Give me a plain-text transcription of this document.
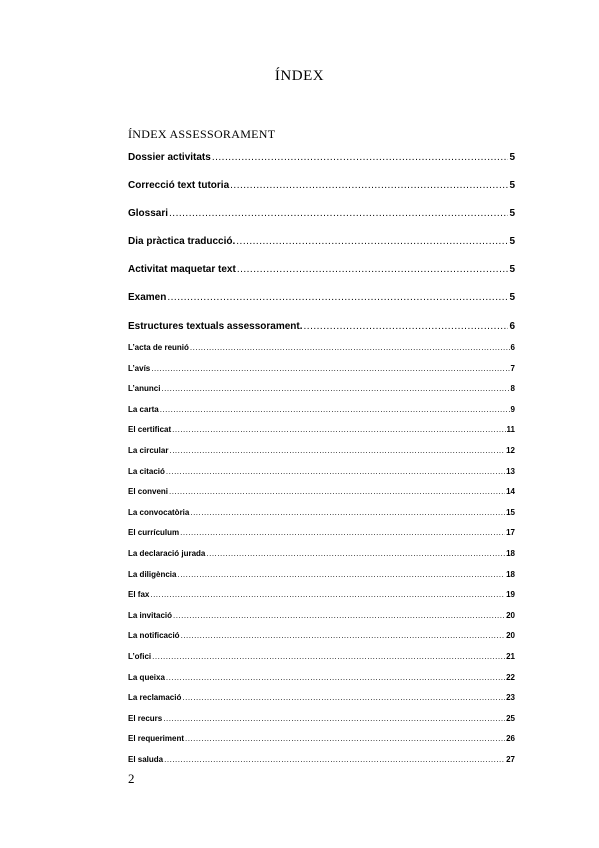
ÍNDEX
ÍNDEX ASSESSORAMENT
Dossier activitats .....	5
Correcció text tutoria .....	5
Glossari .....	5
Dia pràctica traducció. .....	5
Activitat maquetar text .....	5
Examen .....	5
Estructures textuals assessorament. .....	6
L’acta de reunió .....	6
L’avís .....	7
L’anunci .....	8
La carta .....	9
El certificat .....	11
La circular .....	12
La citació .....	13
El conveni .....	14
La convocatòria .....	15
El currículum .....	17
La declaració jurada .....	18
La diligència .....	18
El fax .....	19
La invitació .....	20
La notificació .....	20
L’ofici .....	21
La queixa .....	22
La reclamació .....	23
El recurs .....	25
El requeriment .....	26
El saluda .....	27
2
